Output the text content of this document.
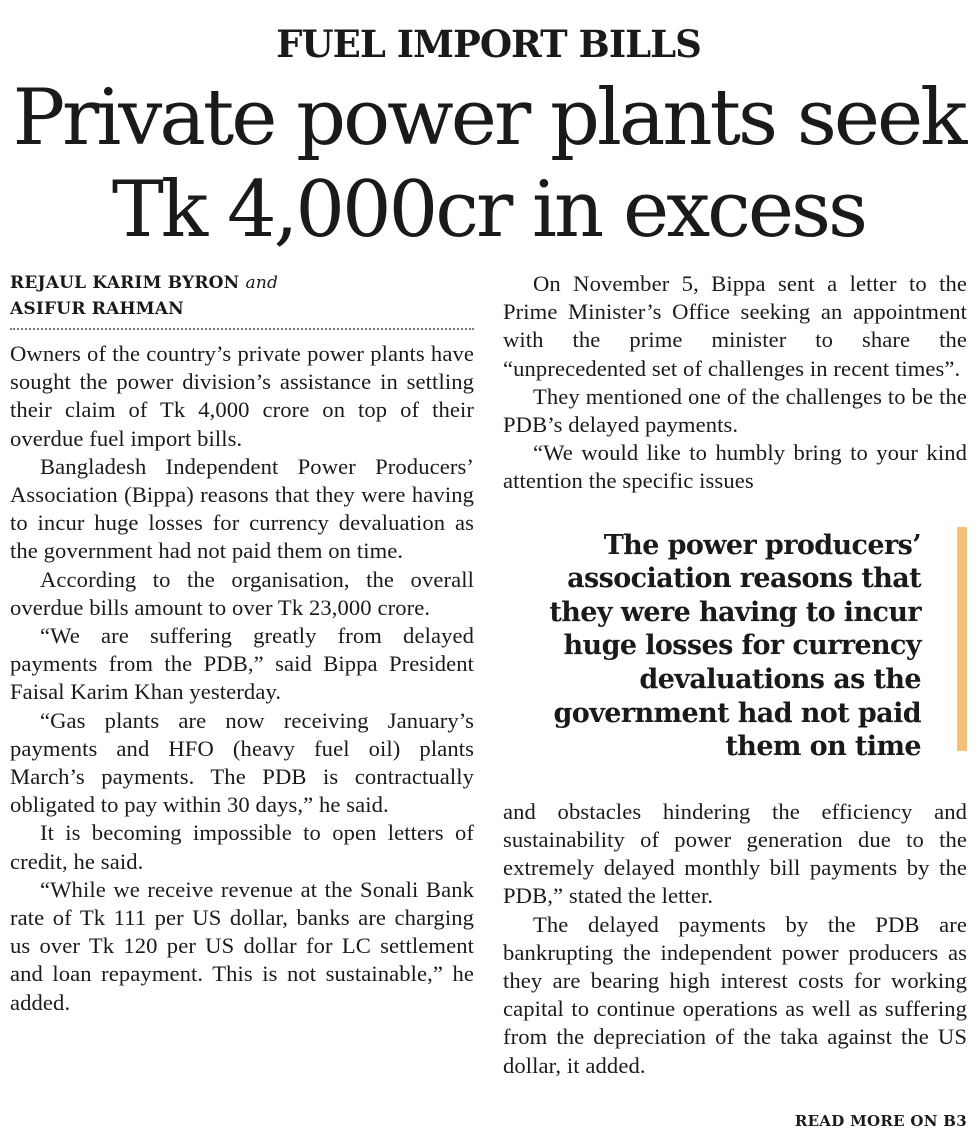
FUEL IMPORT BILLS
Private power plants seek
Tk 4,000cr in excess
REJAUL KARIM BYRON and
ASIFUR RAHMAN

Owners of the country’s private power plants have sought the power division’s assistance in settling their claim of Tk 4,000 crore on top of their overdue fuel import bills.

Bangladesh Independent Power Producers’ Association (Bippa) reasons that they were having to incur huge losses for currency devaluation as the government had not paid them on time.

According to the organisation, the overall overdue bills amount to over Tk 23,000 crore.

“We are suffering greatly from delayed payments from the PDB,” said Bippa President Faisal Karim Khan yesterday.

“Gas plants are now receiving January’s payments and HFO (heavy fuel oil) plants March’s payments. The PDB is contractually obligated to pay within 30 days,” he said.

It is becoming impossible to open letters of credit, he said.

“While we receive revenue at the Sonali Bank rate of Tk 111 per US dollar, banks are charging us over Tk 120 per US dollar for LC settlement and loan repayment. This is not sustainable,” he added.

On November 5, Bippa sent a letter to the Prime Minister’s Office seeking an appointment with the prime minister to share the “unprecedented set of challenges in recent times”.

They mentioned one of the challenges to be the PDB’s delayed payments.

“We would like to humbly bring to your kind attention the specific issues

The power producers’
association reasons that
they were having to incur
huge losses for currency
devaluations as the
government had not paid
them on time

and obstacles hindering the efficiency and sustainability of power generation due to the extremely delayed monthly bill payments by the PDB,” stated the letter.

The delayed payments by the PDB are bankrupting the independent power producers as they are bearing high interest costs for working capital to continue operations as well as suffering from the depreciation of the taka against the US dollar, it added.

READ MORE ON B3
